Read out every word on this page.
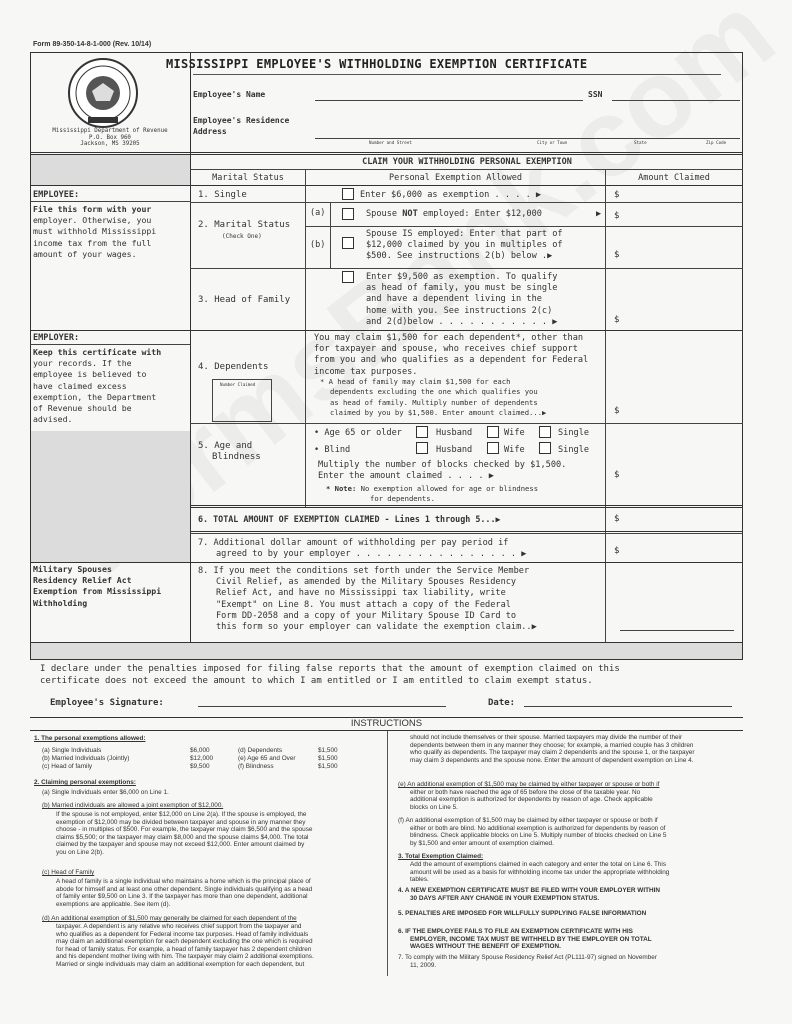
Form 89-350-14-8-1-000 (Rev. 10/14)
Mississippi Department of Revenue
P.O. Box 960
Jackson, MS 39205
MISSISSIPPI EMPLOYEE'S WITHHOLDING EXEMPTION CERTIFICATE
Employee's Name	SSN
Employee's Residence
Address
Number and Street	City or Town	State	Zip Code
CLAIM YOUR WITHHOLDING PERSONAL EXEMPTION
Marital Status	Personal Exemption Allowed	Amount Claimed
EMPLOYEE:
File this form with your
employer. Otherwise, you
must withhold Mississippi
income tax from the full
amount of your wages.
EMPLOYER:
Keep this certificate with
your records. If the
employee is believed to
have claimed excess
exemption, the Department
of Revenue should be
advised.
Military Spouses
Residency Relief Act
Exemption from Mississippi
Withholding
1. Single	Enter $6,000 as exemption . . . . ▶	$
2. Marital Status
(Check One)
(a)	Spouse NOT employed: Enter $12,000	▶ $
(b)
Spouse IS employed: Enter that part of
$12,000 claimed by you in multiples of
$500. See instructions 2(b) below .▶	$
3. Head of Family
Enter $9,500 as exemption. To qualify
as head of family, you must be single
and have a dependent living in the
home with you. See instructions 2(c)
and 2(d)below . . . . . . . . . . . ▶	$
4. Dependents
Number Claimed
You may claim $1,500 for each dependent*, other than
for taxpayer and spouse, who receives chief support
from you and who qualifies as a dependent for Federal
income tax purposes.
* A head of family may claim $1,500 for each
dependents excluding the one which qualifies you
as head of family. Multiply number of dependents
claimed by you by $1,500. Enter amount claimed...▶	$
5. Age and
Blindness
• Age 65 or older	Husband	Wife	Single
• Blind	Husband	Wife	Single
Multiply the number of blocks checked by $1,500.
Enter the amount claimed . . . . ▶
* Note: No exemption allowed for age or blindness
for dependents.
$
6. TOTAL AMOUNT OF EXEMPTION CLAIMED - Lines 1 through 5...▶	$
7. Additional dollar amount of withholding per pay period if
agreed to by your employer . . . . . . . . . . . . . . . . ▶	$
8. If you meet the conditions set forth under the Service Member
Civil Relief, as amended by the Military Spouses Residency
Relief Act, and have no Mississippi tax liability, write
"Exempt" on Line 8. You must attach a copy of the Federal
Form DD-2058 and a copy of your Military Spouse ID Card to
this form so your employer can validate the exemption claim..▶
I declare under the penalties imposed for filing false reports that the amount of exemption claimed on this
certificate does not exceed the amount to which I am entitled or I am entitled to claim exempt status.
Employee's Signature:	Date:
INSTRUCTIONS
1. The personal exemptions allowed:
(a) Single Individuals	$6,000	(d) Dependents	$1,500
(b) Married Individuals (Jointly)	$12,000	(e) Age 65 and Over	$1,500
(c) Head of family	$9,500	(f) Blindness	$1,500
2. Claiming personal exemptions:
(a) Single Individuals enter $6,000 on Line 1.
(b) Married individuals are allowed a joint exemption of $12,000.
If the spouse is not employed, enter $12,000 on Line 2(a). If the spouse is employed, the
exemption of $12,000 may be divided between taxpayer and spouse in any manner they
choose - in multiples of $500. For example, the taxpayer may claim $6,500 and the spouse
claims $5,500; or the taxpayer may claim $8,000 and the spouse claims $4,000. The total
claimed by the taxpayer and spouse may not exceed $12,000. Enter amount claimed by
you on Line 2(b).
(c) Head of Family
A head of family is a single individual who maintains a home which is the principal place of
abode for himself and at least one other dependent. Single individuals qualifying as a head
of family enter $9,500 on Line 3. If the taxpayer has more than one dependent, additional
exemptions are applicable. See item (d).
(d) An additional exemption of $1,500 may generally be claimed for each dependent of the
taxpayer. A dependent is any relative who receives chief support from the taxpayer and
who qualifies as a dependent for Federal income tax purposes. Head of family individuals
may claim an additional exemption for each dependent excluding the one which is required
for head of family status. For example, a head of family taxpayer has 2 dependent children
and his dependent mother living with him. The taxpayer may claim 2 additional exemptions.
Married or single individuals may claim an additional exemption for each dependent, but
should not include themselves or their spouse. Married taxpayers may divide the number of their
dependents between them in any manner they choose; for example, a married couple has 3 children
who qualify as dependents. The taxpayer may claim 2 dependents and the spouse 1, or the taxpayer
may claim 3 dependents and the spouse none. Enter the amount of dependent exemption on Line 4.
(e) An additional exemption of $1,500 may be claimed by either taxpayer or spouse or both if
either or both have reached the age of 65 before the close of the taxable year. No
additional exemption is authorized for dependents by reason of age. Check applicable
blocks on Line 5.
(f) An additional exemption of $1,500 may be claimed by either taxpayer or spouse or both if
either or both are blind. No additional exemption is authorized for dependents by reason of
blindness. Check applicable blocks on Line 5. Multiply number of blocks checked on Line 5
by $1,500 and enter amount of exemption claimed.
3. Total Exemption Claimed:
Add the amount of exemptions claimed in each category and enter the total on Line 6. This
amount will be used as a basis for withholding income tax under the appropriate withholding
tables.
4. A NEW EXEMPTION CERTIFICATE MUST BE FILED WITH YOUR EMPLOYER WITHIN
30 DAYS AFTER ANY CHANGE IN YOUR EXEMPTION STATUS.
5. PENALTIES ARE IMPOSED FOR WILLFULLY SUPPLYING FALSE INFORMATION
6. IF THE EMPLOYEE FAILS TO FILE AN EXEMPTION CERTIFICATE WITH HIS
EMPLOYER, INCOME TAX MUST BE WITHHELD BY THE EMPLOYER ON TOTAL
WAGES WITHOUT THE BENEFIT OF EXEMPTION.
7. To comply with the Military Spouse Residency Relief Act (PL111-97) signed on November
11, 2009.
